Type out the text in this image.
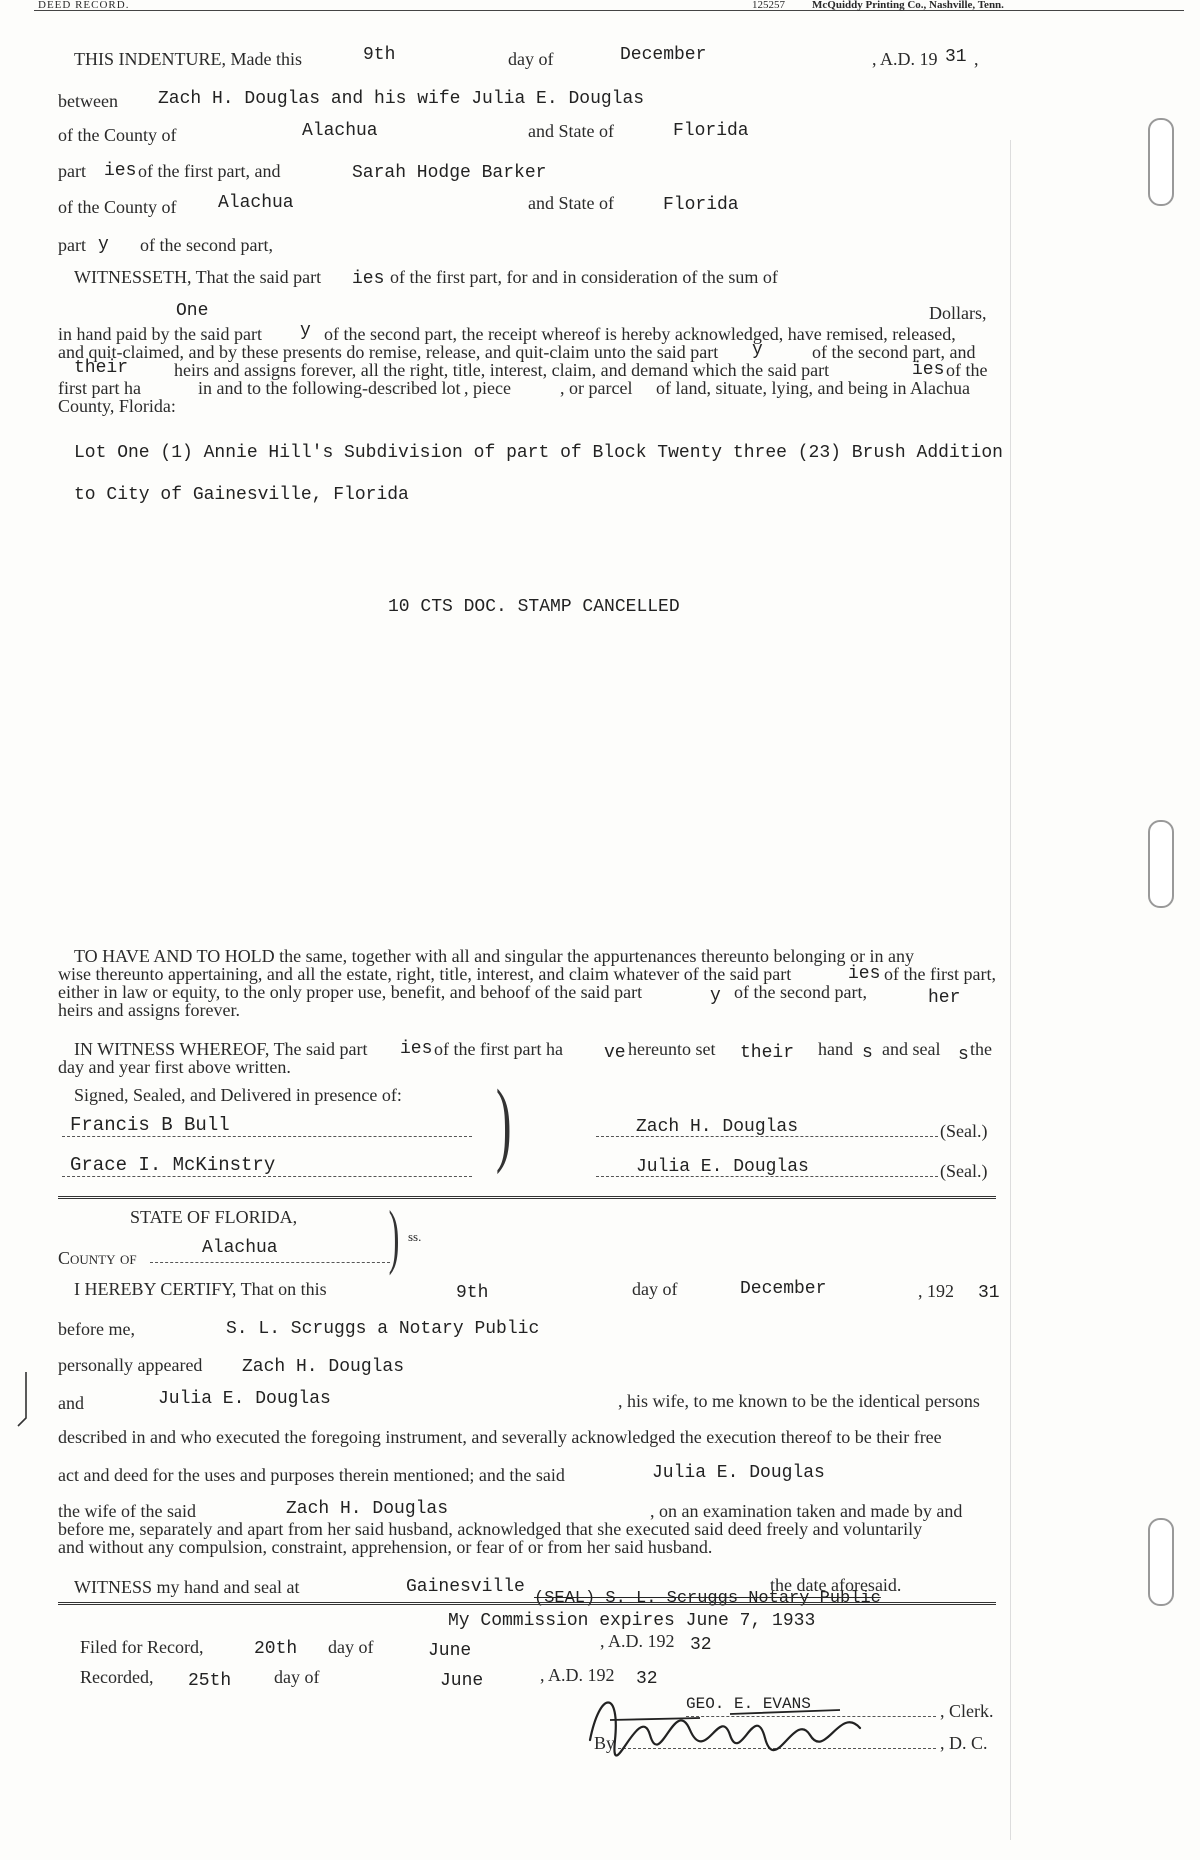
DEED RECORD.	125257 McQuiddy Printing Co., Nashville, Tenn.
THIS INDENTURE, Made this	9th	day of	December	, A.D. 19 31 ,
between Zach H. Douglas and his wife Julia E. Douglas
of the County of	Alachua	and State of	Florida
part ies of the first part, and	Sarah Hodge Barker
of the County of Alachua	and State of	Florida
part y of the second part,
WITNESSETH, That the said part ies of the first part, for and in consideration of the sum of
One	Dollars,
in hand paid by the said part y of the second part, the receipt whereof is hereby acknowledged, have remised, released,
and quit-claimed, and by these presents do remise, release, and quit-claim unto the said part y	of the second part, and
their	heirs and assigns forever, all the right, title, interest, claim, and demand which the said part	ies of the
first part ha	in and to the following-described lot , piece	, or parcel of land, situate, lying, and being in Alachua
County, Florida:
Lot One (1) Annie Hill's Subdivision of part of Block Twenty three (23) Brush Addition
to City of Gainesville, Florida
10 CTS DOC. STAMP CANCELLED
TO HAVE AND TO HOLD the same, together with all and singular the appurtenances thereunto belonging or in any
wise thereunto appertaining, and all the estate, right, title, interest, and claim whatever of the said part	ies of the first part,
either in law or equity, to the only proper use, benefit, and behoof of the said part	y of the second part,	her
heirs and assigns forever.
IN WITNESS WHEREOF, The said part ies of the first part ha ve hereunto set their hand s and seal s the
day and year first above written.
Signed, Sealed, and Delivered in presence of: )
Francis B Bull
Grace I. McKinstry
Zach H. Douglas	(Seal.)
Julia E. Douglas	(Seal.)
STATE OF FLORIDA,
County of	Alachua ) ss.
I HEREBY CERTIFY, That on this	9th	day of	December	, 192 31
before me,	S. L. Scruggs a Notary Public
personally appeared Zach H. Douglas
and	Julia E. Douglas	, his wife, to me known to be the identical persons
described in and who executed the foregoing instrument, and severally acknowledged the execution thereof to be their free
act and deed for the uses and purposes therein mentioned; and the said	Julia E. Douglas
the wife of the said	Zach H. Douglas	, on an examination taken and made by and
before me, separately and apart from her said husband, acknowledged that she executed said deed freely and voluntarily
and without any compulsion, constraint, apprehension, or fear of or from her said husband.
WITNESS my hand and seal at	Gainesville
(SEAL) S. L. Scruggs Notary Public
the date aforesaid.
My Commission expires June 7, 1933
Filed for Record,	20th day of	June	, A.D. 192 32
Recorded, 25th day of	June	, A.D. 192 32
GEO. E. EVANS	, Clerk.
By	, D. C.
